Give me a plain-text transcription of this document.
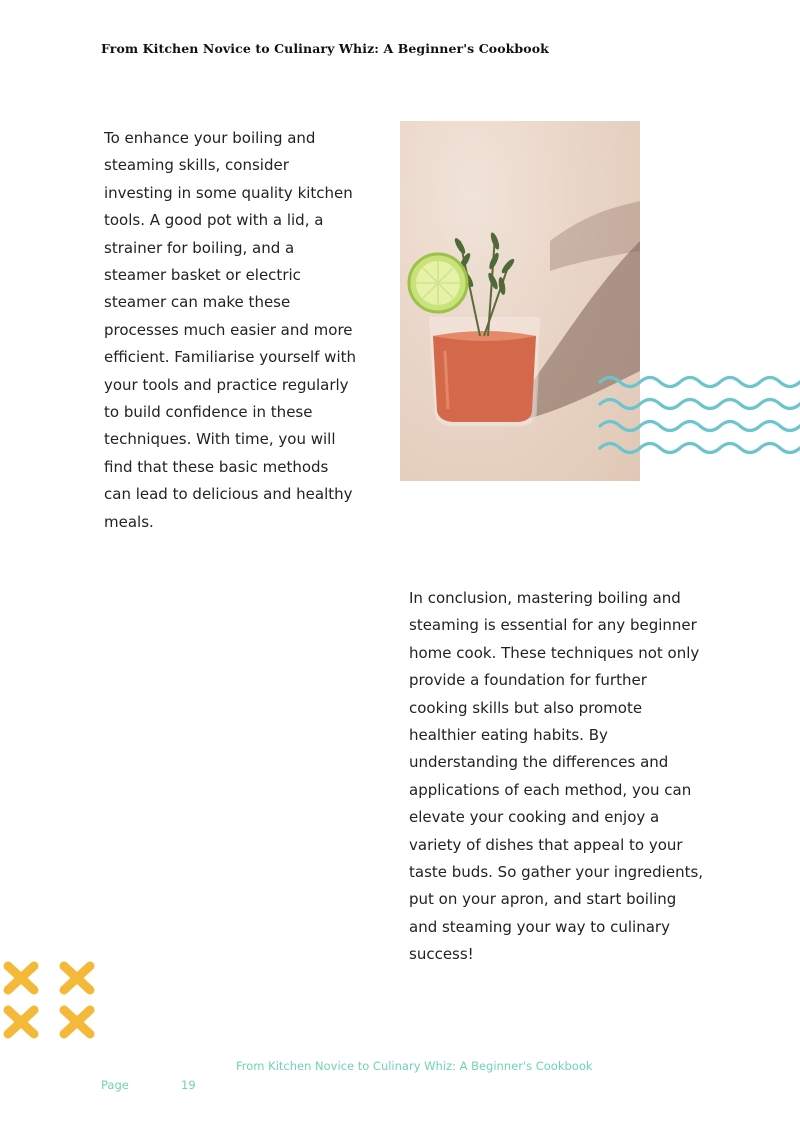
From Kitchen Novice to Culinary Whiz: A Beginner's Cookbook

To enhance your boiling and steaming skills, consider investing in some quality kitchen tools. A good pot with a lid, a strainer for boiling, and a steamer basket or electric steamer can make these processes much easier and more efficient. Familiarise yourself with your tools and practice regularly to build confidence in these techniques. With time, you will find that these basic methods can lead to delicious and healthy meals.

In conclusion, mastering boiling and steaming is essential for any beginner home cook. These techniques not only provide a foundation for further cooking skills but also promote healthier eating habits. By understanding the differences and applications of each method, you can elevate your cooking and enjoy a variety of dishes that appeal to your taste buds. So gather your ingredients, put on your apron, and start boiling and steaming your way to culinary success!

From Kitchen Novice to Culinary Whiz: A Beginner's Cookbook
Page	19
